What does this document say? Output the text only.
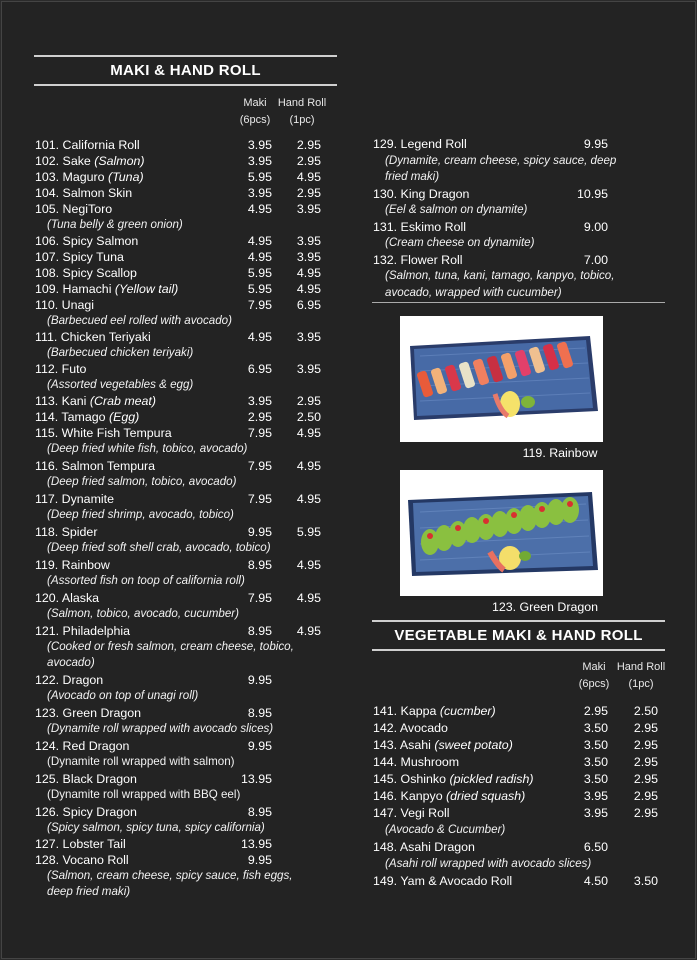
MAKI & HAND ROLL
Maki
(6pcs)
Hand Roll
(1pc)
101. California Roll	3.95	2.95
102. Sake (Salmon)	3.95	2.95
103. Maguro (Tuna)	5.95	4.95
104. Salmon Skin	3.95	2.95
105. NegiToro	4.95	3.95
(Tuna belly & green onion)
106. Spicy Salmon	4.95	3.95
107. Spicy Tuna	4.95	3.95
108. Spicy Scallop	5.95	4.95
109. Hamachi (Yellow tail)	5.95	4.95
110. Unagi	7.95	6.95
(Barbecued eel rolled with avocado)
111. Chicken Teriyaki	4.95	3.95
(Barbecued chicken teriyaki)
112. Futo	6.95	3.95
(Assorted vegetables & egg)
113. Kani (Crab meat)	3.95	2.95
114. Tamago (Egg)	2.95	2.50
115. White Fish Tempura	7.95	4.95
(Deep fried white fish, tobico, avocado)
116. Salmon Tempura	7.95	4.95
(Deep fried salmon, tobico, avocado)
117. Dynamite	7.95	4.95
(Deep fried shrimp, avocado, tobico)
118. Spider	9.95	5.95
(Deep fried soft shell crab, avocado, tobico)
119. Rainbow	8.95	4.95
(Assorted fish on toop of california roll)
120. Alaska	7.95	4.95
(Salmon, tobico, avocado, cucumber)
121. Philadelphia	8.95	4.95
(Cooked or fresh salmon, cream cheese, tobico,
avocado)
122. Dragon	9.95
(Avocado on top of unagi roll)
123. Green Dragon	8.95
(Dynamite roll wrapped with avocado slices)
124. Red Dragon	9.95
(Dynamite roll wrapped with salmon)
125. Black Dragon	13.95
(Dynamite roll wrapped with BBQ eel)
126. Spicy Dragon	8.95
(Spicy salmon, spicy tuna, spicy california)
127. Lobster Tail	13.95
128. Vocano Roll	9.95
(Salmon, cream cheese, spicy sauce, fish eggs,
deep fried maki)
129. Legend Roll	9.95
(Dynamite, cream cheese, spicy sauce, deep
fried maki)
130. King Dragon	10.95
(Eel & salmon on dynamite)
131. Eskimo Roll	9.00
(Cream cheese on dynamite)
132. Flower Roll	7.00
(Salmon, tuna, kani, tamago, kanpyo, tobico,
avocado, wrapped with cucumber)
119. Rainbow
123. Green Dragon
VEGETABLE MAKI & HAND ROLL
Maki
(6pcs)
Hand Roll
(1pc)
141. Kappa (cucmber)	2.95	2.50
142. Avocado	3.50	2.95
143. Asahi (sweet potato)	3.50	2.95
144. Mushroom	3.50	2.95
145. Oshinko (pickled radish)	3.50	2.95
146. Kanpyo (dried squash)	3.95	2.95
147. Vegi Roll	3.95	2.95
(Avocado & Cucumber)
148. Asahi Dragon	6.50
(Asahi roll wrapped with avocado slices)
149. Yam & Avocado Roll	4.50	3.50
